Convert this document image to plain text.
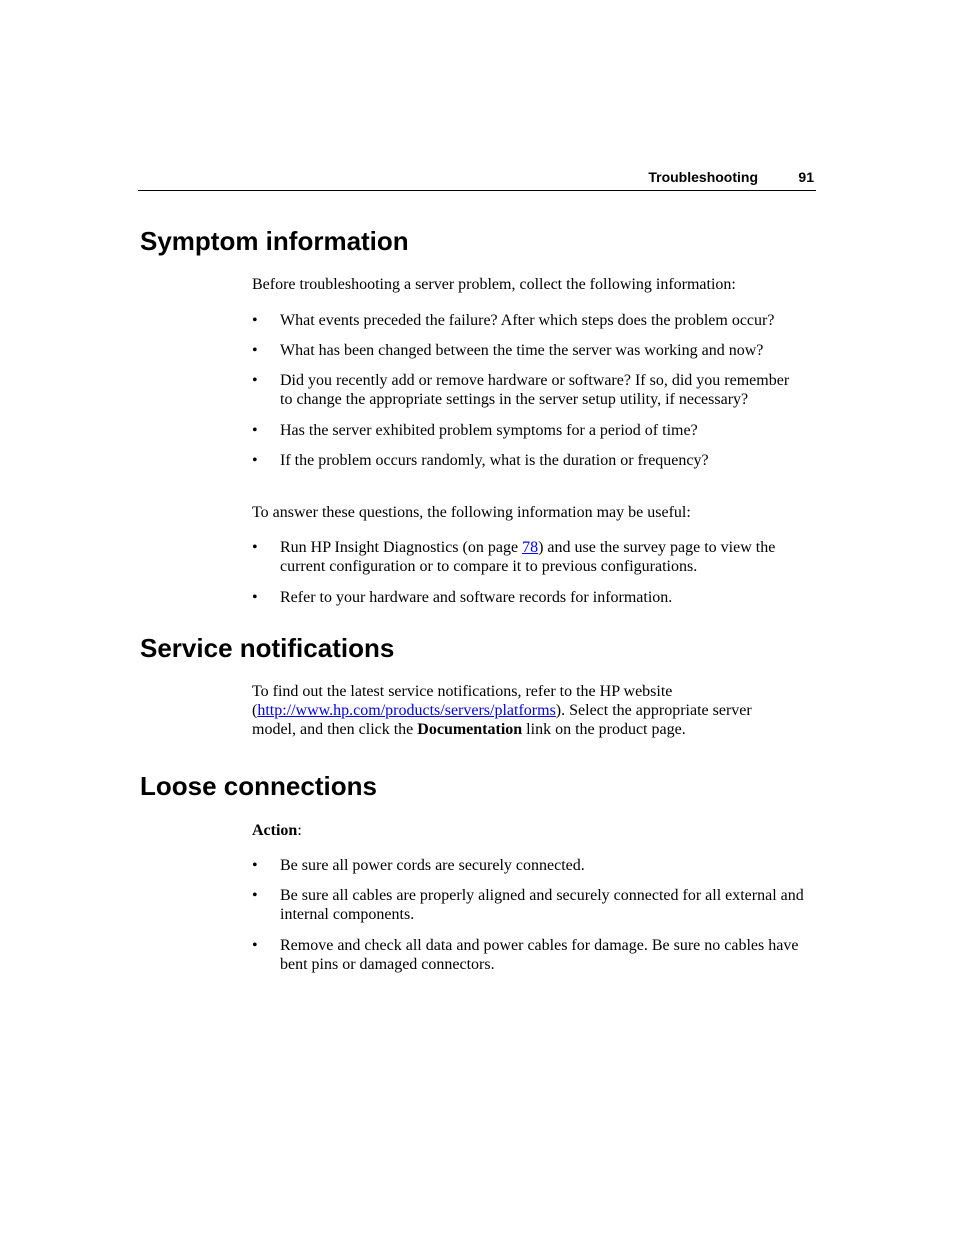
Troubleshooting	91
Symptom information

Before troubleshooting a server problem, collect the following information:

• What events preceded the failure? After which steps does the problem occur?
• What has been changed between the time the server was working and now?
• Did you recently add or remove hardware or software? If so, did you remember to change the appropriate settings in the server setup utility, if necessary?
• Has the server exhibited problem symptoms for a period of time?
• If the problem occurs randomly, what is the duration or frequency?

To answer these questions, the following information may be useful:

• Run HP Insight Diagnostics (on page 78) and use the survey page to view the current configuration or to compare it to previous configurations.
• Refer to your hardware and software records for information.
Service notifications

To find out the latest service notifications, refer to the HP website (http://www.hp.com/products/servers/platforms). Select the appropriate server model, and then click the Documentation link on the product page.

Loose connections

Action:

• Be sure all power cords are securely connected.
• Be sure all cables are properly aligned and securely connected for all external and internal components.
• Remove and check all data and power cables for damage. Be sure no cables have bent pins or damaged connectors.
